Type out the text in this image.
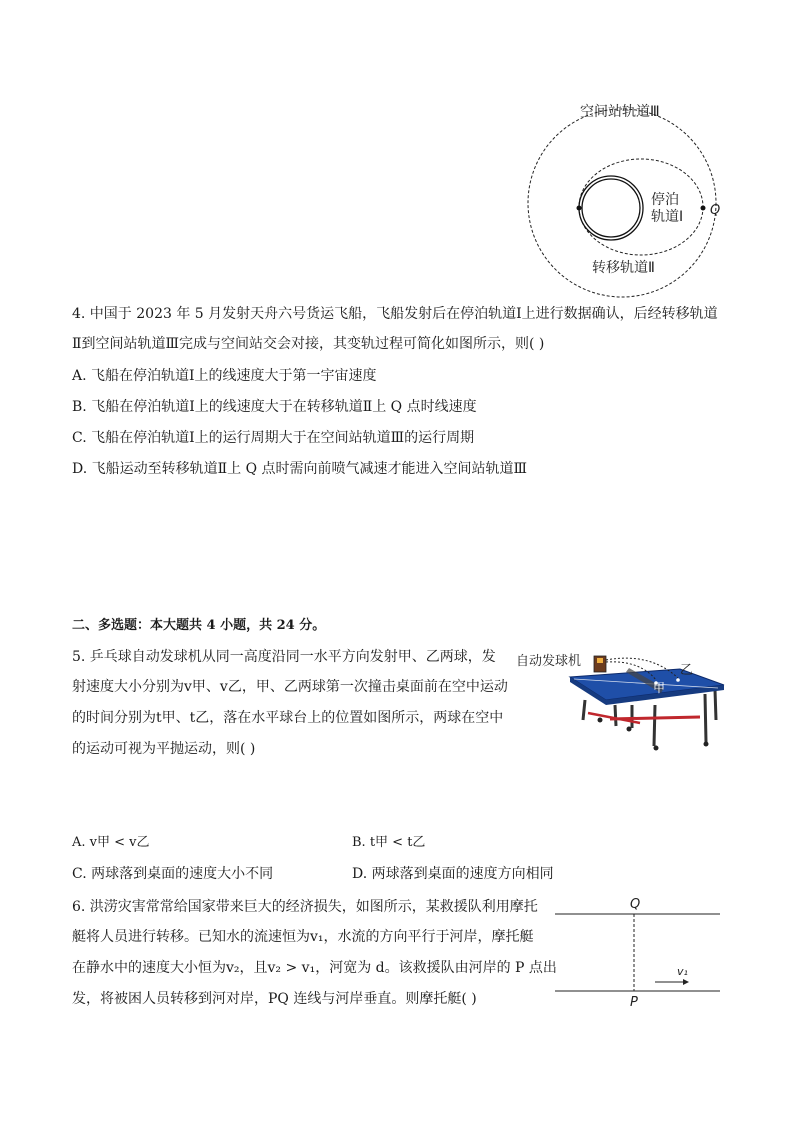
空间站轨道Ⅲ
停泊
轨道Ⅰ
转移轨道Ⅱ
Q
4. 中国于 2023 年 5 月发射天舟六号货运飞船，飞船发射后在停泊轨道Ⅰ上进行数据确认，后经转移轨道
Ⅱ到空间站轨道Ⅲ完成与空间站交会对接，其变轨过程可简化如图所示，则( )
A. 飞船在停泊轨道Ⅰ上的线速度大于第一宇宙速度
B. 飞船在停泊轨道Ⅰ上的线速度大于在转移轨道Ⅱ上 Q 点时线速度
C. 飞船在停泊轨道Ⅰ上的运行周期大于在空间站轨道Ⅲ的运行周期
D. 飞船运动至转移轨道Ⅱ上 Q 点时需向前喷气减速才能进入空间站轨道Ⅲ
二、多选题：本大题共 4 小题，共 24 分。
5. 乒乓球自动发球机从同一高度沿同一水平方向发射甲、乙两球，发
射速度大小分别为v甲、v乙，甲、乙两球第一次撞击桌面前在空中运动
的时间分别为t甲、t乙，落在水平球台上的位置如图所示，两球在空中
的运动可视为平抛运动，则( )
自动发球机
乙
甲
A. v甲 < v乙	B. t甲 < t乙
C. 两球落到桌面的速度大小不同	D. 两球落到桌面的速度方向相同
6. 洪涝灾害常常给国家带来巨大的经济损失，如图所示，某救援队利用摩托
艇将人员进行转移。已知水的流速恒为v₁，水流的方向平行于河岸，摩托艇
在静水中的速度大小恒为v₂，且v₂ > v₁，河宽为 d。该救援队由河岸的 P 点出
发，将被困人员转移到河对岸，PQ 连线与河岸垂直。则摩托艇( )
Q
P
v₁
